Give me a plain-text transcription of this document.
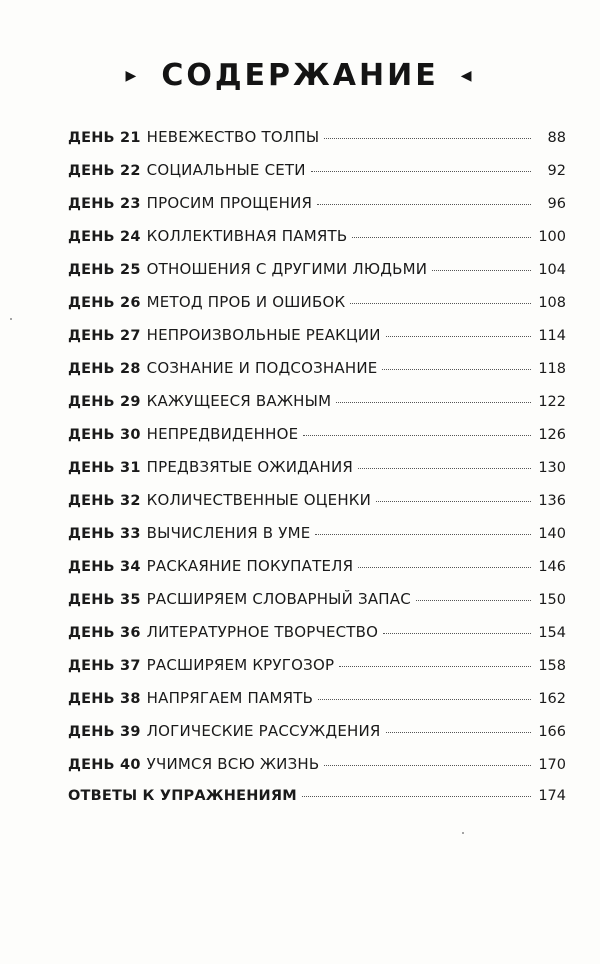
▶ СОДЕРЖАНИЕ ◀
ДЕНЬ 21 НЕВЕЖЕСТВО ТОЛПЫ	88
ДЕНЬ 22 СОЦИАЛЬНЫЕ СЕТИ	92
ДЕНЬ 23 ПРОСИМ ПРОЩЕНИЯ	96
ДЕНЬ 24 КОЛЛЕКТИВНАЯ ПАМЯТЬ	100
ДЕНЬ 25 ОТНОШЕНИЯ С ДРУГИМИ ЛЮДЬМИ	104
ДЕНЬ 26 МЕТОД ПРОБ И ОШИБОК	108
ДЕНЬ 27 НЕПРОИЗВОЛЬНЫЕ РЕАКЦИИ	114
ДЕНЬ 28 СОЗНАНИЕ И ПОДСОЗНАНИЕ	118
ДЕНЬ 29 КАЖУЩЕЕСЯ ВАЖНЫМ	122
ДЕНЬ 30 НЕПРЕДВИДЕННОЕ	126
ДЕНЬ 31 ПРЕДВЗЯТЫЕ ОЖИДАНИЯ	130
ДЕНЬ 32 КОЛИЧЕСТВЕННЫЕ ОЦЕНКИ	136
ДЕНЬ 33 ВЫЧИСЛЕНИЯ В УМЕ	140
ДЕНЬ 34 РАСКАЯНИЕ ПОКУПАТЕЛЯ	146
ДЕНЬ 35 РАСШИРЯЕМ СЛОВАРНЫЙ ЗАПАС	150
ДЕНЬ 36 ЛИТЕРАТУРНОЕ ТВОРЧЕСТВО	154
ДЕНЬ 37 РАСШИРЯЕМ КРУГОЗОР	158
ДЕНЬ 38 НАПРЯГАЕМ ПАМЯТЬ	162
ДЕНЬ 39 ЛОГИЧЕСКИЕ РАССУЖДЕНИЯ	166
ДЕНЬ 40 УЧИМСЯ ВСЮ ЖИЗНЬ	170
ОТВЕТЫ К УПРАЖНЕНИЯМ	174
